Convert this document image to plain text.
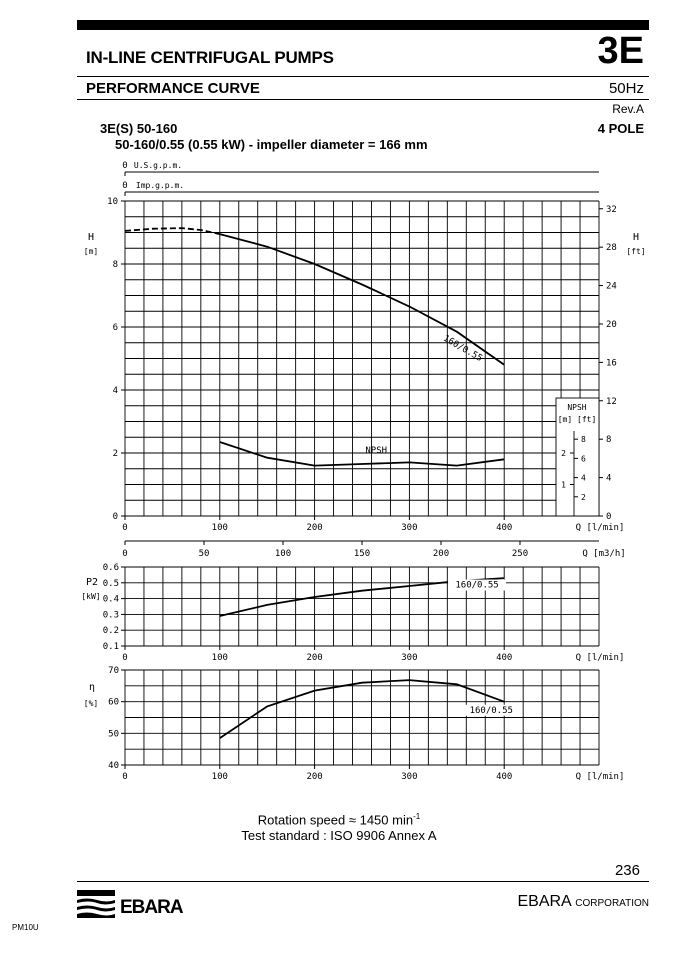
IN-LINE CENTRIFUGAL PUMPS	3E
PERFORMANCE CURVE	50Hz
Rev.A
3E(S) 50-160	4 POLE
50-160/0.55 (0.55 kW) - impeller diameter = 166 mm
NPSH
[m] [ft]
1
2
2
4
6
8
0
2
4
6
8
10
H
[m]
0
4
8
12
16
20
24
28
32
H
[ft]
0	100	200	300	400	Q [l/min]
0 U.S.g.p.m.
0 Imp.g.p.m.
160/0.55
NPSH
0	50	100	150	200	250	Q [m3/h]
0.1
0.2
0.3
0.4
0.5
0.6
P2
[kW]
0	100	200	300	400	Q [l/min]
160/0.55
40
50
60
70
η
[%]
0	100	200	300	400	Q [l/min]
160/0.55
Rotation speed ≈ 1450 $\min^{-1}$
Test standard : ISO 9906 Annex A
236
EBARA	EBARA CORPORATION
PM10U
